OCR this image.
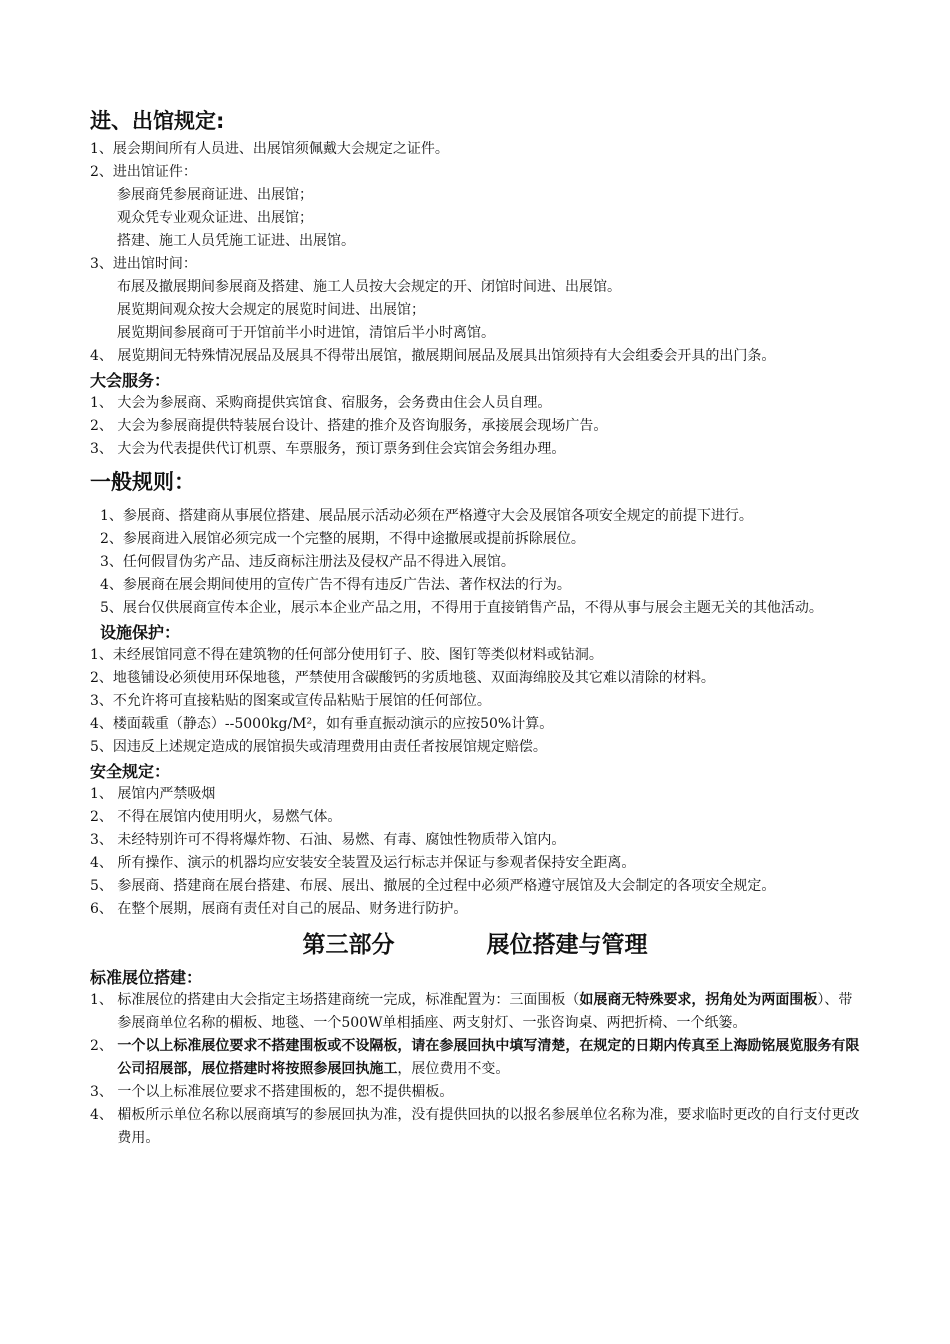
进、出馆规定:
1、展会期间所有人员进、出展馆须佩戴大会规定之证件。
2、进出馆证件：
参展商凭参展商证进、出展馆；
观众凭专业观众证进、出展馆；
搭建、施工人员凭施工证进、出展馆。
3、进出馆时间：
布展及撤展期间参展商及搭建、施工人员按大会规定的开、闭馆时间进、出展馆。
展览期间观众按大会规定的展览时间进、出展馆；
展览期间参展商可于开馆前半小时进馆，清馆后半小时离馆。
4、 展览期间无特殊情况展品及展具不得带出展馆，撤展期间展品及展具出馆须持有大会组委会开具的出门条。
大会服务：
1、 大会为参展商、采购商提供宾馆食、宿服务，会务费由住会人员自理。
2、 大会为参展商提供特装展台设计、搭建的推介及咨询服务，承接展会现场广告。
3、 大会为代表提供代订机票、车票服务，预订票务到住会宾馆会务组办理。
一般规则：
1、 参展商、搭建商从事展位搭建、展品展示活动必须在严格遵守大会及展馆各项安全规定的前提下进行。
2、 参展商进入展馆必须完成一个完整的展期，不得中途撤展或提前拆除展位。
3、 任何假冒伪劣产品、违反商标注册法及侵权产品不得进入展馆。
4、 参展商在展会期间使用的宣传广告不得有违反广告法、著作权法的行为。
5、 展台仅供展商宣传本企业，展示本企业产品之用，不得用于直接销售产品，不得从事与展会主题无关的其他活动。
设施保护：
1、未经展馆同意不得在建筑物的任何部分使用钉子、胶、图钉等类似材料或钻洞。
2、地毯铺设必须使用环保地毯，严禁使用含碳酸钙的劣质地毯、双面海绵胶及其它难以清除的材料。
3、不允许将可直接粘贴的图案或宣传品粘贴于展馆的任何部位。
4、楼面载重（静态）--5000kg/M²，如有垂直振动演示的应按50%计算。
5、因违反上述规定造成的展馆损失或清理费用由责任者按展馆规定赔偿。
安全规定：
1、 展馆内严禁吸烟
2、 不得在展馆内使用明火，易燃气体。
3、 未经特别许可不得将爆炸物、石油、易燃、有毒、腐蚀性物质带入馆内。
4、 所有操作、演示的机器均应安装安全装置及运行标志并保证与参观者保持安全距离。
5、 参展商、搭建商在展台搭建、布展、展出、撤展的全过程中必须严格遵守展馆及大会制定的各项安全规定。
6、 在整个展期，展商有责任对自己的展品、财务进行防护。
第三部分	展位搭建与管理
标准展位搭建：
1、 标准展位的搭建由大会指定主场搭建商统一完成，标准配置为：三面围板（如展商无特殊要求，拐角处为两面围板）、带参展商单位名称的楣板、地毯、一个500W单相插座、两支射灯、一张咨询桌、两把折椅、一个纸篓。
2、 一个以上标准展位要求不搭建围板或不设隔板，请在参展回执中填写清楚，在规定的日期内传真至上海励铭展览服务有限公司招展部，展位搭建时将按照参展回执施工，展位费用不变。
3、 一个以上标准展位要求不搭建围板的，恕不提供楣板。
4、 楣板所示单位名称以展商填写的参展回执为准，没有提供回执的以报名参展单位名称为准，要求临时更改的自行支付更改费用。
